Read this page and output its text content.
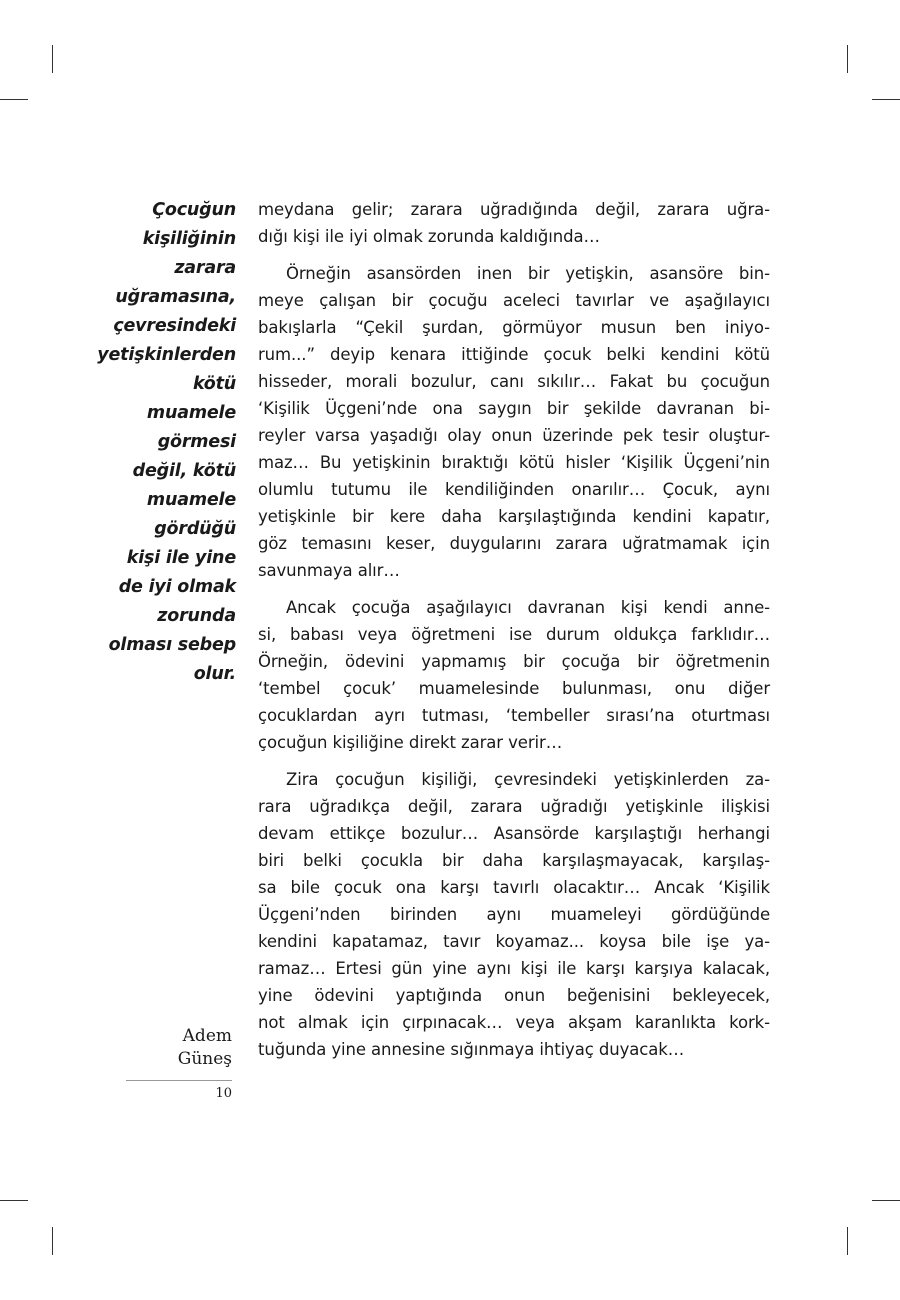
Çocuğun
kişiliğinin
zarara
uğramasına,
çevresindeki
yetişkinlerden
kötü
muamele
görmesi
değil, kötü
muamele
gördüğü
kişi ile yine
de iyi olmak
zorunda
olması sebep
olur.
meydana gelir; zarara uğradığında değil, zarara uğra-
dığı kişi ile iyi olmak zorunda kaldığında…
Örneğin asansörden inen bir yetişkin, asansöre bin-
meye çalışan bir çocuğu aceleci tavırlar ve aşağılayıcı
bakışlarla “Çekil şurdan, görmüyor musun ben iniyo-
rum...” deyip kenara ittiğinde çocuk belki kendini kötü
hisseder, morali bozulur, canı sıkılır… Fakat bu çocuğun
‘Kişilik Üçgeni’nde ona saygın bir şekilde davranan bi-
reyler varsa yaşadığı olay onun üzerinde pek tesir oluştur-
maz… Bu yetişkinin bıraktığı kötü hisler ‘Kişilik Üçgeni’nin
olumlu tutumu ile kendiliğinden onarılır… Çocuk, aynı
yetişkinle bir kere daha karşılaştığında kendini kapatır,
göz temasını keser, duygularını zarara uğratmamak için
savunmaya alır…
Ancak çocuğa aşağılayıcı davranan kişi kendi anne-
si, babası veya öğretmeni ise durum oldukça farklıdır…
Örneğin, ödevini yapmamış bir çocuğa bir öğretmenin
‘tembel çocuk’ muamelesinde bulunması, onu diğer
çocuklardan ayrı tutması, ‘tembeller sırası’na oturtması
çocuğun kişiliğine direkt zarar verir…
Zira çocuğun kişiliği, çevresindeki yetişkinlerden za-
rara uğradıkça değil, zarara uğradığı yetişkinle ilişkisi
devam ettikçe bozulur… Asansörde karşılaştığı herhangi
biri belki çocukla bir daha karşılaşmayacak, karşılaş-
sa bile çocuk ona karşı tavırlı olacaktır… Ancak ‘Kişilik
Üçgeni’nden birinden aynı muameleyi gördüğünde
kendini kapatamaz, tavır koyamaz... koysa bile işe ya-
ramaz… Ertesi gün yine aynı kişi ile karşı karşıya kalacak,
yine ödevini yaptığında onun beğenisini bekleyecek,
not almak için çırpınacak… veya akşam karanlıkta kork-
tuğunda yine annesine sığınmaya ihtiyaç duyacak…
Adem
Güneş
10
